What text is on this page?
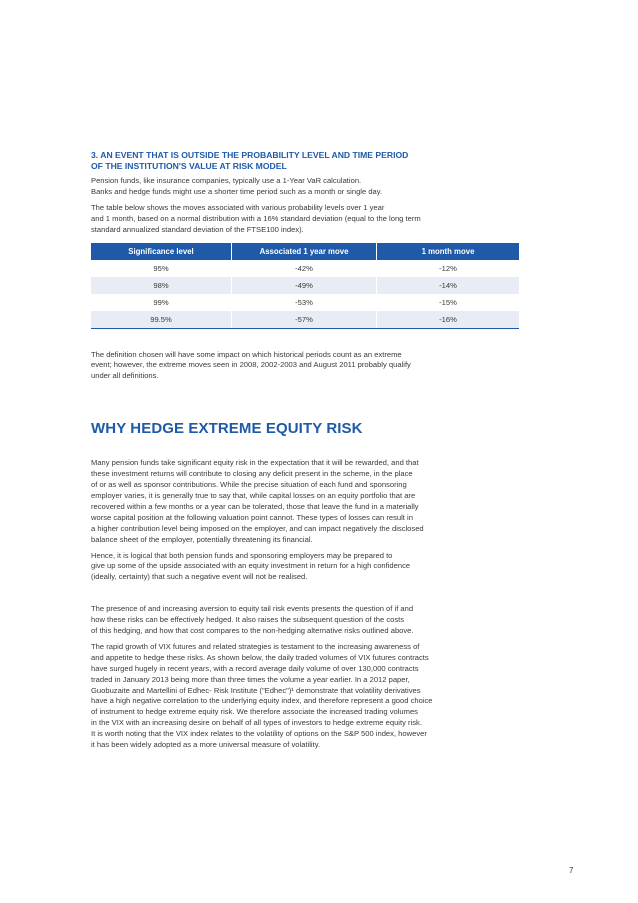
3. AN EVENT THAT IS OUTSIDE THE PROBABILITY LEVEL AND TIME PERIOD
OF THE INSTITUTION'S VALUE AT RISK MODEL
Pension funds, like insurance companies, typically use a 1-Year VaR calculation.
Banks and hedge funds might use a shorter time period such as a month or single day.
The table below shows the moves associated with various probability levels over 1 year
and 1 month, based on a normal distribution with a 16% standard deviation (equal to the long term
standard annualized standard deviation of the FTSE100 index).
Significance level	Associated 1 year move	1 month move
95%	-42%	-12%
98%	-49%	-14%
99%	-53%	-15%
99.5%	-57%	-16%
The definition chosen will have some impact on which historical periods count as an extreme
event; however, the extreme moves seen in 2008, 2002-2003 and August 2011 probably qualify
under all definitions.
WHY HEDGE EXTREME EQUITY RISK
Many pension funds take significant equity risk in the expectation that it will be rewarded, and that
these investment returns will contribute to closing any deficit present in the scheme, in the place
of or as well as sponsor contributions. While the precise situation of each fund and sponsoring
employer varies, it is generally true to say that, while capital losses on an equity portfolio that are
recovered within a few months or a year can be tolerated, those that leave the fund in a materially
worse capital position at the following valuation point cannot. These types of losses can result in
a higher contribution level being imposed on the employer, and can impact negatively the disclosed
balance sheet of the employer, potentially threatening its financial.
Hence, it is logical that both pension funds and sponsoring employers may be prepared to
give up some of the upside associated with an equity investment in return for a high confidence
(ideally, certainty) that such a negative event will not be realised.
The presence of and increasing aversion to equity tail risk events presents the question of if and
how these risks can be effectively hedged. It also raises the subsequent question of the costs
of this hedging, and how that cost compares to the non-hedging alternative risks outlined above.
The rapid growth of VIX futures and related strategies is testament to the increasing awareness of
and appetite to hedge these risks. As shown below, the daily traded volumes of VIX futures contracts
have surged hugely in recent years, with a record average daily volume of over 130,000 contracts
traded in January 2013 being more than three times the volume a year earlier. In a 2012 paper,
Guobuzaite and Martellini of Edhec- Risk Institute ("Edhec")¹ demonstrate that volatility derivatives
have a high negative correlation to the underlying equity index, and therefore represent a good choice
of instrument to hedge extreme equity risk. We therefore associate the increased trading volumes
in the VIX with an increasing desire on behalf of all types of investors to hedge extreme equity risk.
It is worth noting that the VIX index relates to the volatility of options on the S&P 500 index, however
it has been widely adopted as a more universal measure of volatility.
7
